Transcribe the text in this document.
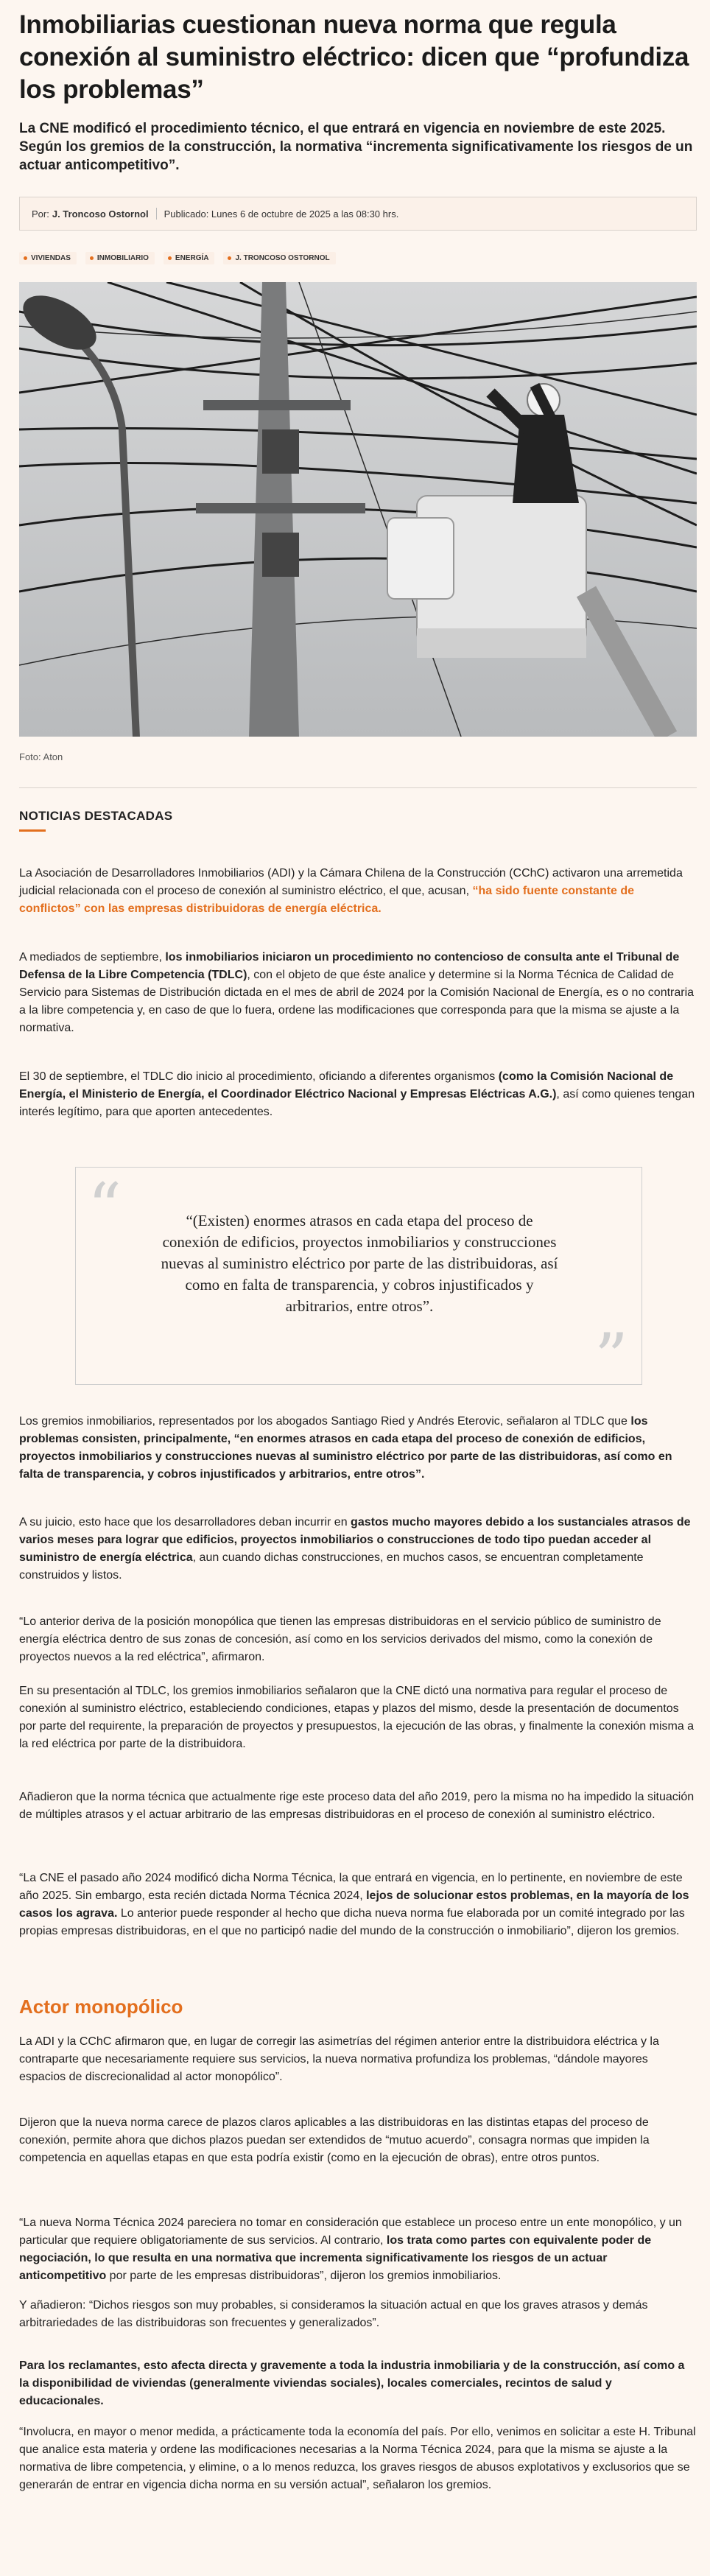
Inmobiliarias cuestionan nueva norma que regula conexión al suministro eléctrico: dicen que “profundiza los problemas”

La CNE modificó el procedimiento técnico, el que entrará en vigencia en noviembre de este 2025. Según los gremios de la construcción, la normativa “incrementa significativamente los riesgos de un actuar anticompetitivo”.

Por: J. Troncoso Ostornol Publicado: Lunes 6 de octubre de 2025 a las 08:30 hrs.
VIVIENDAS	INMOBILIARIO	ENERGÍA	J. TRONCOSO OSTORNOL

Foto: Aton

NOTICIAS DESTACADAS

La Asociación de Desarrolladores Inmobiliarios (ADI) y la Cámara Chilena de la Construcción (CChC) activaron una arremetida judicial relacionada con el proceso de conexión al suministro eléctrico, el que, acusan, “ha sido fuente constante de conflictos” con las empresas distribuidoras de energía eléctrica.

A mediados de septiembre, los inmobiliarios iniciaron un procedimiento no contencioso de consulta ante el Tribunal de Defensa de la Libre Competencia (TDLC), con el objeto de que éste analice y determine si la Norma Técnica de Calidad de Servicio para Sistemas de Distribución dictada en el mes de abril de 2024 por la Comisión Nacional de Energía, es o no contraria a la libre competencia y, en caso de que lo fuera, ordene las modificaciones que corresponda para que la misma se ajuste a la normativa.

El 30 de septiembre, el TDLC dio inicio al procedimiento, oficiando a diferentes organismos (como la Comisión Nacional de Energía, el Ministerio de Energía, el Coordinador Eléctrico Nacional y Empresas Eléctricas A.G.), así como quienes tengan interés legítimo, para que aporten antecedentes.

“	“(Existen) enormes atrasos en cada etapa del proceso de conexión de edificios, proyectos inmobiliarios y construcciones nuevas al suministro eléctrico por parte de las distribuidoras, así como en falta de transparencia, y cobros injustificados y arbitrarios, entre otros”.

”

Los gremios inmobiliarios, representados por los abogados Santiago Ried y Andrés Eterovic, señalaron al TDLC que los problemas consisten, principalmente, “en enormes atrasos en cada etapa del proceso de conexión de edificios, proyectos inmobiliarios y construcciones nuevas al suministro eléctrico por parte de las distribuidoras, así como en falta de transparencia, y cobros injustificados y arbitrarios, entre otros”.

A su juicio, esto hace que los desarrolladores deban incurrir en gastos mucho mayores debido a los sustanciales atrasos de varios meses para lograr que edificios, proyectos inmobiliarios o construcciones de todo tipo puedan acceder al suministro de energía eléctrica, aun cuando dichas construcciones, en muchos casos, se encuentran completamente construidos y listos.

“Lo anterior deriva de la posición monopólica que tienen las empresas distribuidoras en el servicio público de suministro de energía eléctrica dentro de sus zonas de concesión, así como en los servicios derivados del mismo, como la conexión de proyectos nuevos a la red eléctrica”, afirmaron.

En su presentación al TDLC, los gremios inmobiliarios señalaron que la CNE dictó una normativa para regular el proceso de conexión al suministro eléctrico, estableciendo condiciones, etapas y plazos del mismo, desde la presentación de documentos por parte del requirente, la preparación de proyectos y presupuestos, la ejecución de las obras, y finalmente la conexión misma a la red eléctrica por parte de la distribuidora.

Añadieron que la norma técnica que actualmente rige este proceso data del año 2019, pero la misma no ha impedido la situación de múltiples atrasos y el actuar arbitrario de las empresas distribuidoras en el proceso de conexión al suministro eléctrico.

“La CNE el pasado año 2024 modificó dicha Norma Técnica, la que entrará en vigencia, en lo pertinente, en noviembre de este año 2025. Sin embargo, esta recién dictada Norma Técnica 2024, lejos de solucionar estos problemas, en la mayoría de los casos los agrava. Lo anterior puede responder al hecho que dicha nueva norma fue elaborada por un comité integrado por las propias empresas distribuidoras, en el que no participó nadie del mundo de la construcción o inmobiliario”, dijeron los gremios.

Actor monopólico

La ADI y la CChC afirmaron que, en lugar de corregir las asimetrías del régimen anterior entre la distribuidora eléctrica y la contraparte que necesariamente requiere sus servicios, la nueva normativa profundiza los problemas, “dándole mayores espacios de discrecionalidad al actor monopólico”.

Dijeron que la nueva norma carece de plazos claros aplicables a las distribuidoras en las distintas etapas del proceso de conexión, permite ahora que dichos plazos puedan ser extendidos de “mutuo acuerdo”, consagra normas que impiden la competencia en aquellas etapas en que esta podría existir (como en la ejecución de obras), entre otros puntos.

“La nueva Norma Técnica 2024 pareciera no tomar en consideración que establece un proceso entre un ente monopólico, y un particular que requiere obligatoriamente de sus servicios. Al contrario, los trata como partes con equivalente poder de negociación, lo que resulta en una normativa que incrementa significativamente los riesgos de un actuar anticompetitivo por parte de les empresas distribuidoras”, dijeron los gremios inmobiliarios.

Y añadieron: “Dichos riesgos son muy probables, si consideramos la situación actual en que los graves atrasos y demás arbitrariedades de las distribuidoras son frecuentes y generalizados”.

Para los reclamantes, esto afecta directa y gravemente a toda la industria inmobiliaria y de la construcción, así como a la disponibilidad de viviendas (generalmente viviendas sociales), locales comerciales, recintos de salud y educacionales.

“Involucra, en mayor o menor medida, a prácticamente toda la economía del país. Por ello, venimos en solicitar a este H. Tribunal que analice esta materia y ordene las modificaciones necesarias a la Norma Técnica 2024, para que la misma se ajuste a la normativa de libre competencia, y elimine, o a lo menos reduzca, los graves riesgos de abusos explotativos y exclusorios que se generarán de entrar en vigencia dicha norma en su versión actual”, señalaron los gremios.
